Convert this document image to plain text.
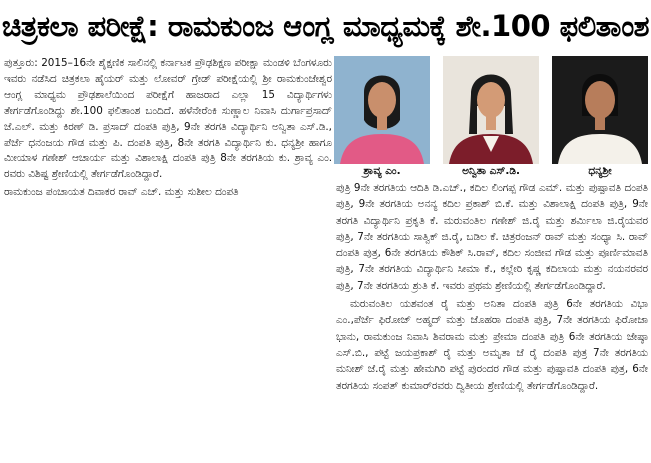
ಚಿತ್ರಕಲಾ ಪರೀಕ್ಷೆ: ರಾಮಕುಂಜ ಆಂಗ್ಲ ಮಾಧ್ಯಮಕ್ಕೆ ಶೇ.100 ಫಲಿತಾಂಶ

ಪುತ್ತೂರು: 2015–16ನೇ ಶೈಕ್ಷಣಿಕ ಸಾಲಿನಲ್ಲಿ ಕರ್ನಾಟಕ ಪ್ರೌಢಶಿಕ್ಷಣ ಪರೀಕ್ಷಾ ಮಂಡಳಿ ಬೆಂಗಳೂರು ಇವರು ನಡೆಸಿದ ಚಿತ್ರಕಲಾ ಹೈಯರ್ ಮತ್ತು ಲೋವರ್ ಗ್ರೇಡ್ ಪರೀಕ್ಷೆಯಲ್ಲಿ ಶ್ರೀ ರಾಮಕುಂಜೇಶ್ವರ ಆಂಗ್ಲ ಮಾಧ್ಯಮ ಪ್ರೌಢಶಾಲೆಯಿಂದ ಪರೀಕ್ಷೆಗೆ ಹಾಜರಾದ ಎಲ್ಲಾ 15 ವಿದ್ಯಾರ್ಥಿಗಳು ತೇರ್ಗಡೆಗೊಂಡಿದ್ದು ಶೇ.100 ಫಲಿತಾಂಶ ಬಂದಿದೆ. ಹಳೆನೇರೆಂಕಿ ಸುಣ್ಣಾಲ ನಿವಾಸಿ ದುರ್ಗಾಪ್ರಸಾದ್ ಜೆ.ಎಲ್. ಮತ್ತು ಕಿರಣ್ ಡಿ. ಪ್ರಸಾದ್ ದಂಪತಿ ಪುತ್ರಿ, 9ನೇ ತರಗತಿ ವಿದ್ಯಾರ್ಥಿನಿ ಅನ್ವಿತಾ ಎಸ್.ಡಿ., ಪೆರ್ಜೆ ಧನಂಜಯ ಗೌಡ ಮತ್ತು ಪಿ. ದಂಪತಿ ಪುತ್ರಿ, 8ನೇ ತರಗತಿ ವಿದ್ಯಾರ್ಥಿನಿ ಕು. ಧನ್ಯಶ್ರೀ ಹಾಗೂ ಮೀಯಾಳ ಗಣೇಶ್ ಆಚಾರ್ಯ ಮತ್ತು ವಿಶಾಲಾಕ್ಷಿ ದಂಪತಿ ಪುತ್ರಿ 8ನೇ ತರಗತಿಯ ಕು. ಶ್ರಾವ್ಯ ಎಂ. ರವರು ವಿಶಿಷ್ಟ ಶ್ರೇಣಿಯಲ್ಲಿ ತೇರ್ಗಡೆಗೊಂಡಿದ್ದಾರೆ.

ರಾಮಕುಂಜ ಪಂಚಾಯತ ದಿವಾಕರ ರಾವ್ ಎಚ್. ಮತ್ತು ಸುಶೀಲ ದಂಪತಿ

ಶ್ರಾವ್ಯ ಎಂ.	ಅನ್ವಿತಾ ಎಸ್.ಡಿ.	ಧನ್ಯಶ್ರೀ

ಪುತ್ರಿ 9ನೇ ತರಗತಿಯ ಆದಿತಿ ಡಿ.ಎಚ್., ಕದಿಲ ಲಿಂಗಪ್ಪ ಗೌಡ ಎಮ್. ಮತ್ತು ಪುಷ್ಪಾವತಿ ದಂಪತಿ ಪುತ್ರಿ, 9ನೇ ತರಗತಿಯ ಅನನ್ಯ ಕದಿಲ ಪ್ರಕಾಶ್ ಬಿ.ಕೆ. ಮತ್ತು ವಿಶಾಲಾಕ್ಷಿ ದಂಪತಿ ಪುತ್ರಿ, 9ನೇ ತರಗತಿ ವಿದ್ಯಾರ್ಥಿನಿ ಪ್ರಕೃತಿ ಕೆ. ಮರುವಂತಿಲ ಗಣೇಶ್ ಜಿ.ರೈ ಮತ್ತು ಶರ್ಮಿಲಾ ಜಿ.ರೈಯವರ ಪುತ್ರಿ, 7ನೇ ತರಗತಿಯ ಸಾತ್ವಿಕ್ ಜಿ.ರೈ, ಬಡಿಲ ಕೆ. ಚಿತ್ರರಂಜನ್ ರಾವ್ ಮತ್ತು ಸಂಧ್ಯಾ ಸಿ. ರಾವ್ ದಂಪತಿ ಪುತ್ರ, 6ನೇ ತರಗತಿಯ ಕೌಶಿಕ್ ಸಿ.ರಾವ್, ಕದಿಲ ಸಂಜೀವ ಗೌಡ ಮತ್ತು ಪೂರ್ಣಿಮಾವತಿ ಪುತ್ರಿ, 7ನೇ ತರಗತಿಯ ವಿದ್ಯಾರ್ಥಿನಿ ಸೀಮಾ ಕೆ., ಕಲ್ಲೇರಿ ಕೃಷ್ಣ ಕದಿಲಾಯ ಮತ್ತು ನಯನರವರ ಪುತ್ರಿ, 7ನೇ ತರಗತಿಯ ಶ್ರುತಿ ಕೆ. ಇವರು ಪ್ರಥಮ ಶ್ರೇಣಿಯಲ್ಲಿ ತೇರ್ಗಡೆಗೊಂಡಿದ್ದಾರೆ.

ಮರುವಂತಿಲ ಯಶವಂತ ರೈ ಮತ್ತು ಅನಿತಾ ದಂಪತಿ ಪುತ್ರಿ 6ನೇ ತರಗತಿಯ ವಿಭಾ ಎಂ.,ಪೆರ್ಜೆ ಫಿರೋಜ್ ಅಹ್ಮದ್ ಮತ್ತು ಜೊಹರಾ ದಂಪತಿ ಪುತ್ರಿ, 7ನೇ ತರಗತಿಯ ಫಿರೋಜಾ ಭಾನು, ರಾಮಕುಂಜ ನಿವಾಸಿ ಶಿವರಾಮ ಮತ್ತು ಪ್ರೇಮಾ ದಂಪತಿ ಪುತ್ರಿ 6ನೇ ತರಗತಿಯ ಜೇಷ್ಠಾ ಎಸ್.ಬಿ., ಪಟ್ಟೆ ಜಯಪ್ರಕಾಶ್ ರೈ ಮತ್ತು ಅಮೃತಾ ಜೆ ರೈ ದಂಪತಿ ಪುತ್ರ 7ನೇ ತರಗತಿಯ ಮನೀಶ್ ಜೆ.ರೈ ಮತ್ತು ಹೇಮಗಿರಿ ಪಟ್ಟೆ ಪುರಂದರ ಗೌಡ ಮತ್ತು ಪುಷ್ಪಾವತಿ ದಂಪತಿ ಪುತ್ರ, 6ನೇ ತರಗತಿಯ ಸಂಪತ್ ಕುಮಾರ್‌ರವರು ದ್ವಿತೀಯ ಶ್ರೇಣಿಯಲ್ಲಿ ತೇರ್ಗಡೆಗೊಂಡಿದ್ದಾರೆ.
